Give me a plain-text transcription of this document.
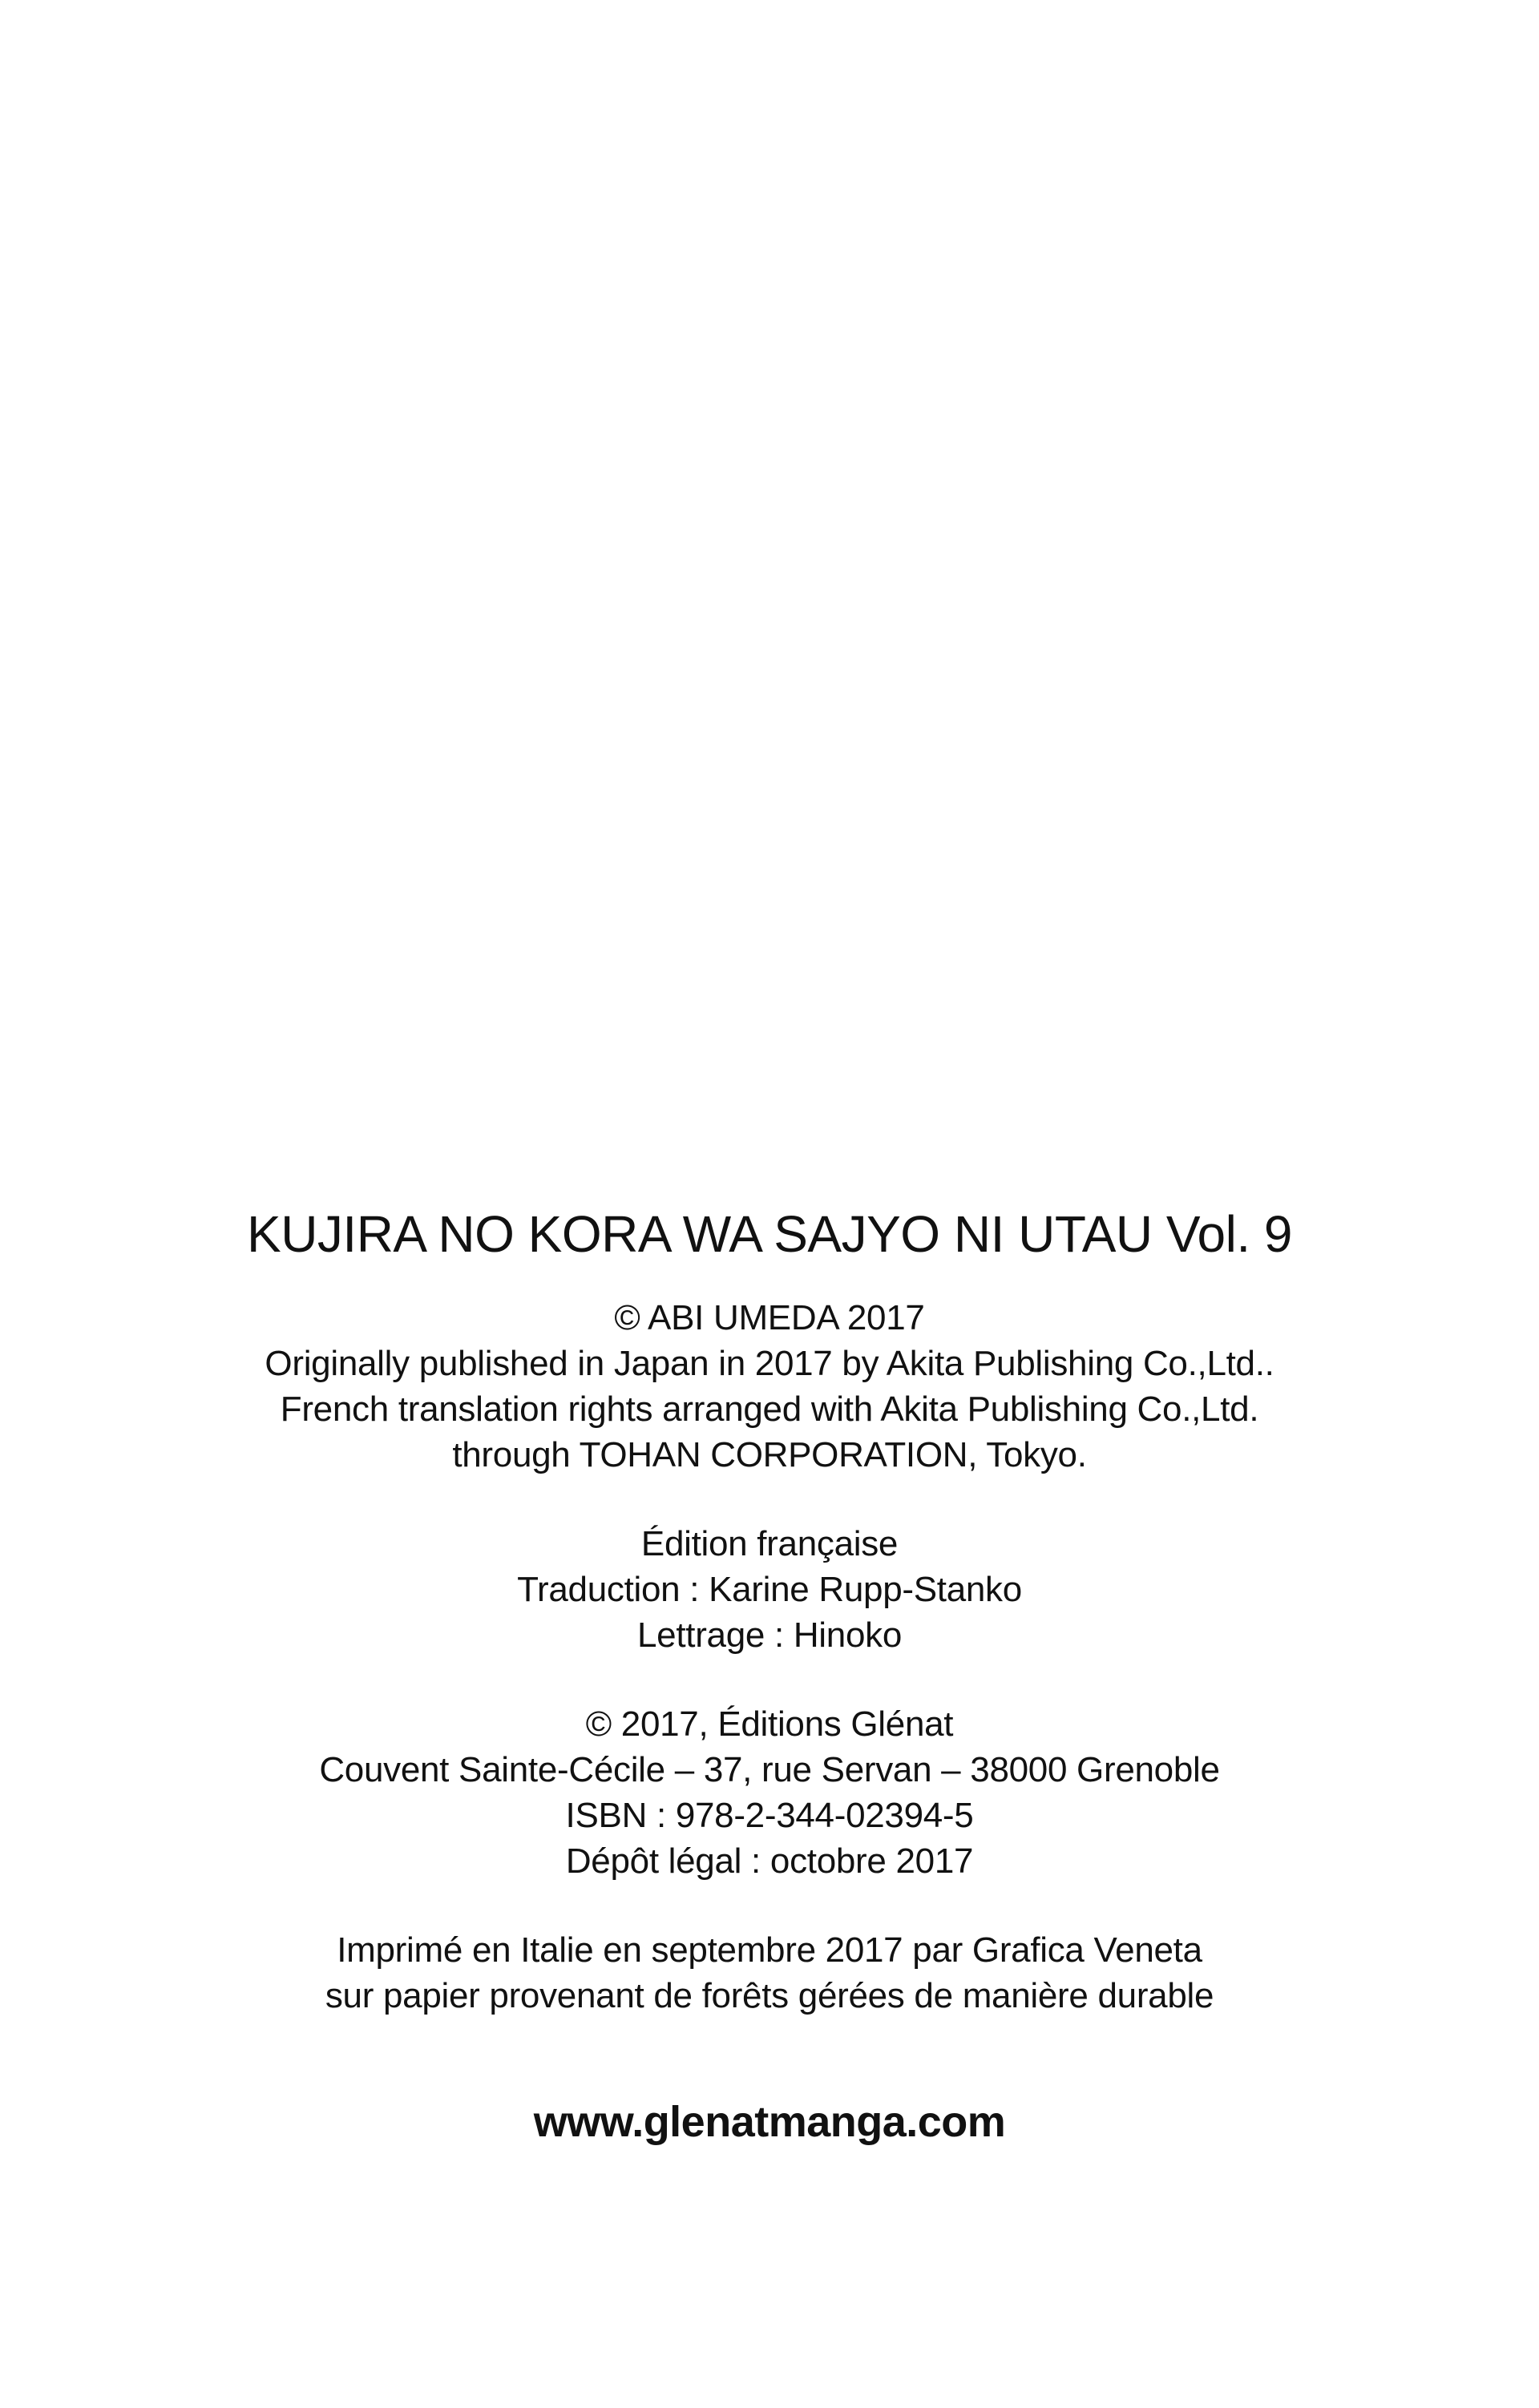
KUJIRA NO KORA WA SAJYO NI UTAU Vol. 9
© ABI UMEDA 2017
Originally published in Japan in 2017 by Akita Publishing Co.,Ltd..
French translation rights arranged with Akita Publishing Co.,Ltd.
through TOHAN CORPORATION, Tokyo.
Édition française
Traduction : Karine Rupp-Stanko
Lettrage : Hinoko
© 2017, Éditions Glénat
Couvent Sainte-Cécile – 37, rue Servan – 38000 Grenoble
ISBN : 978-2-344-02394-5
Dépôt légal : octobre 2017
Imprimé en Italie en septembre 2017 par Grafica Veneta
sur papier provenant de forêts gérées de manière durable
www.glenatmanga.com
